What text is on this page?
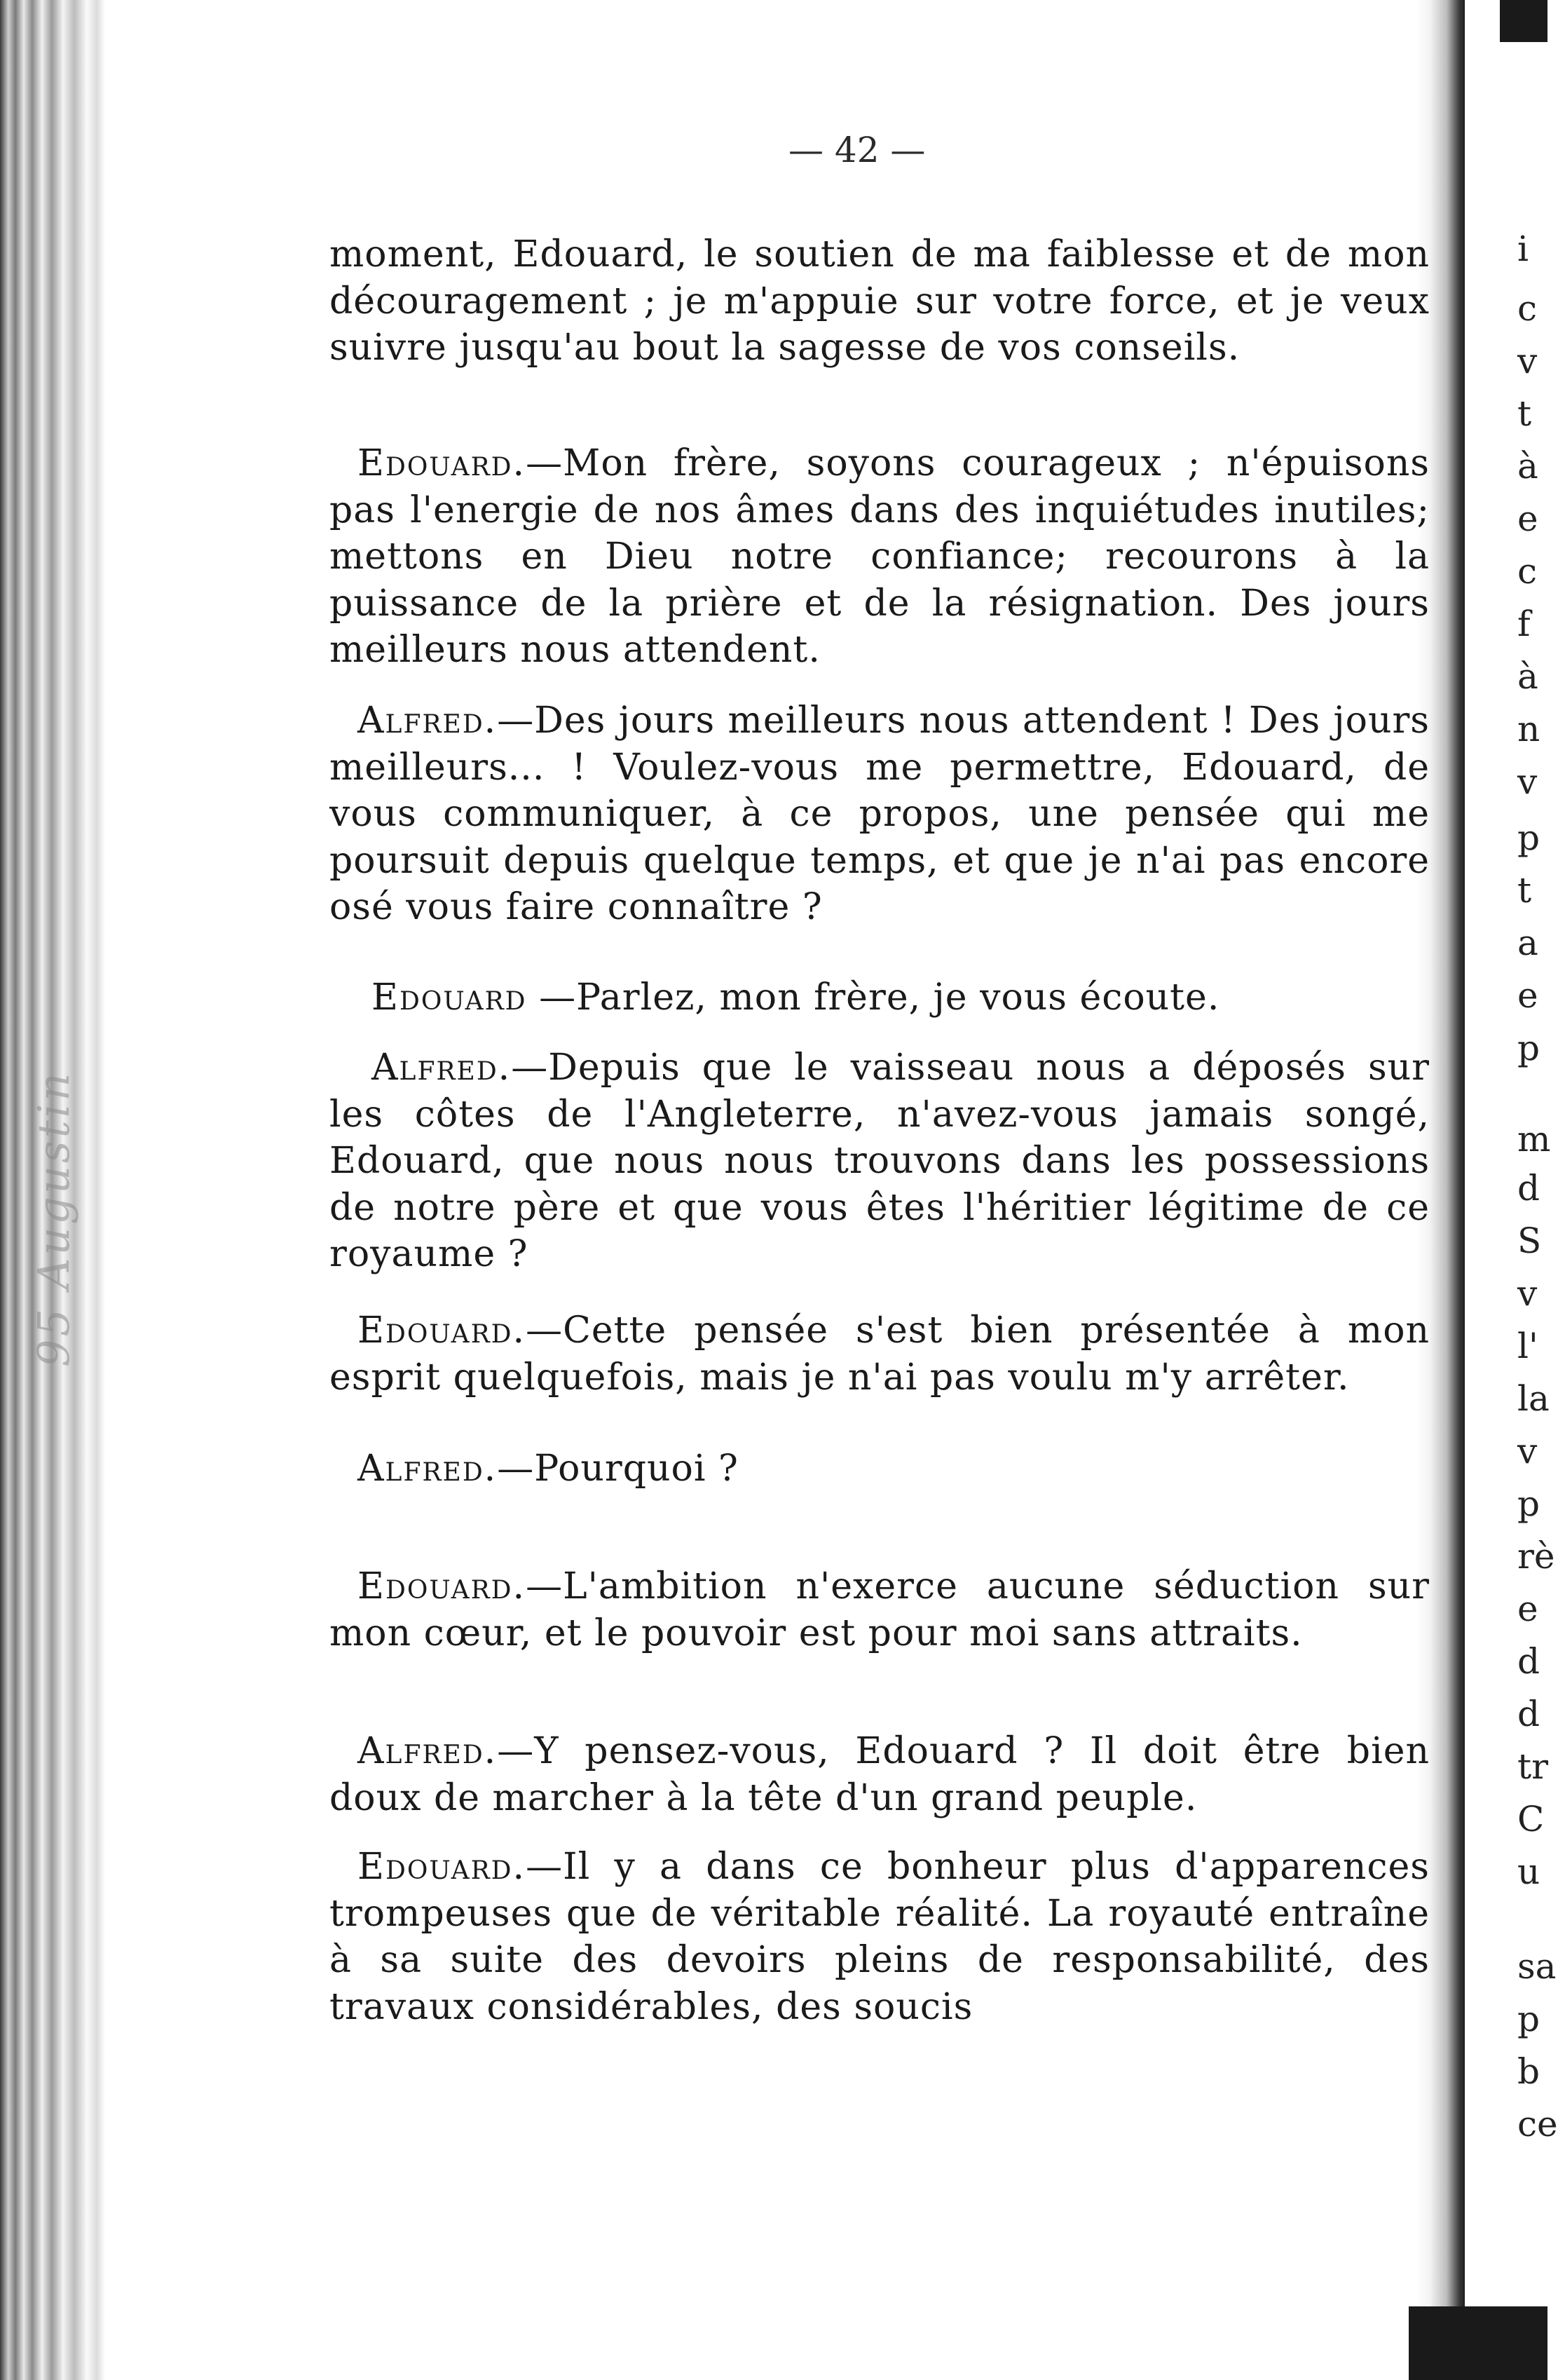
95 Augustin
i
c
v
t
à
e
c
f
à
n
v
p
t
a
e
p
m
d
S
v
l'
la
v
p
rè
e
d
d
tr
C
u
sa
p
b
ce
— 42 —
moment, Edouard, le soutien de ma faiblesse et de mon découragement ; je m'appuie sur votre force, et je veux suivre jusqu'au bout la sagesse de vos conseils.
Edouard.—Mon frère, soyons courageux ; n'épuisons pas l'energie de nos âmes dans des inquiétudes inutiles; mettons en Dieu notre confiance; recourons à la puissance de la prière et de la résignation. Des jours meilleurs nous attendent.
Alfred.—Des jours meilleurs nous attendent ! Des jours meilleurs... ! Voulez-vous me permettre, Edouard, de vous communiquer, à ce propos, une pensée qui me poursuit depuis quelque temps, et que je n'ai pas encore osé vous faire connaître ?
Edouard —Parlez, mon frère, je vous écoute.
Alfred.—Depuis que le vaisseau nous a déposés sur les côtes de l'Angleterre, n'avez-vous jamais songé, Edouard, que nous nous trouvons dans les possessions de notre père et que vous êtes l'héritier légitime de ce royaume ?
Edouard.—Cette pensée s'est bien présentée à mon esprit quelquefois, mais je n'ai pas voulu m'y arrêter.
Alfred.—Pourquoi ?
Edouard.—L'ambition n'exerce aucune séduction sur mon cœur, et le pouvoir est pour moi sans attraits.
Alfred.—Y pensez-vous, Edouard ? Il doit être bien doux de marcher à la tête d'un grand peuple.
Edouard.—Il y a dans ce bonheur plus d'apparences trompeuses que de véritable réalité. La royauté entraîne à sa suite des devoirs pleins de responsabilité, des travaux considérables, des soucis
